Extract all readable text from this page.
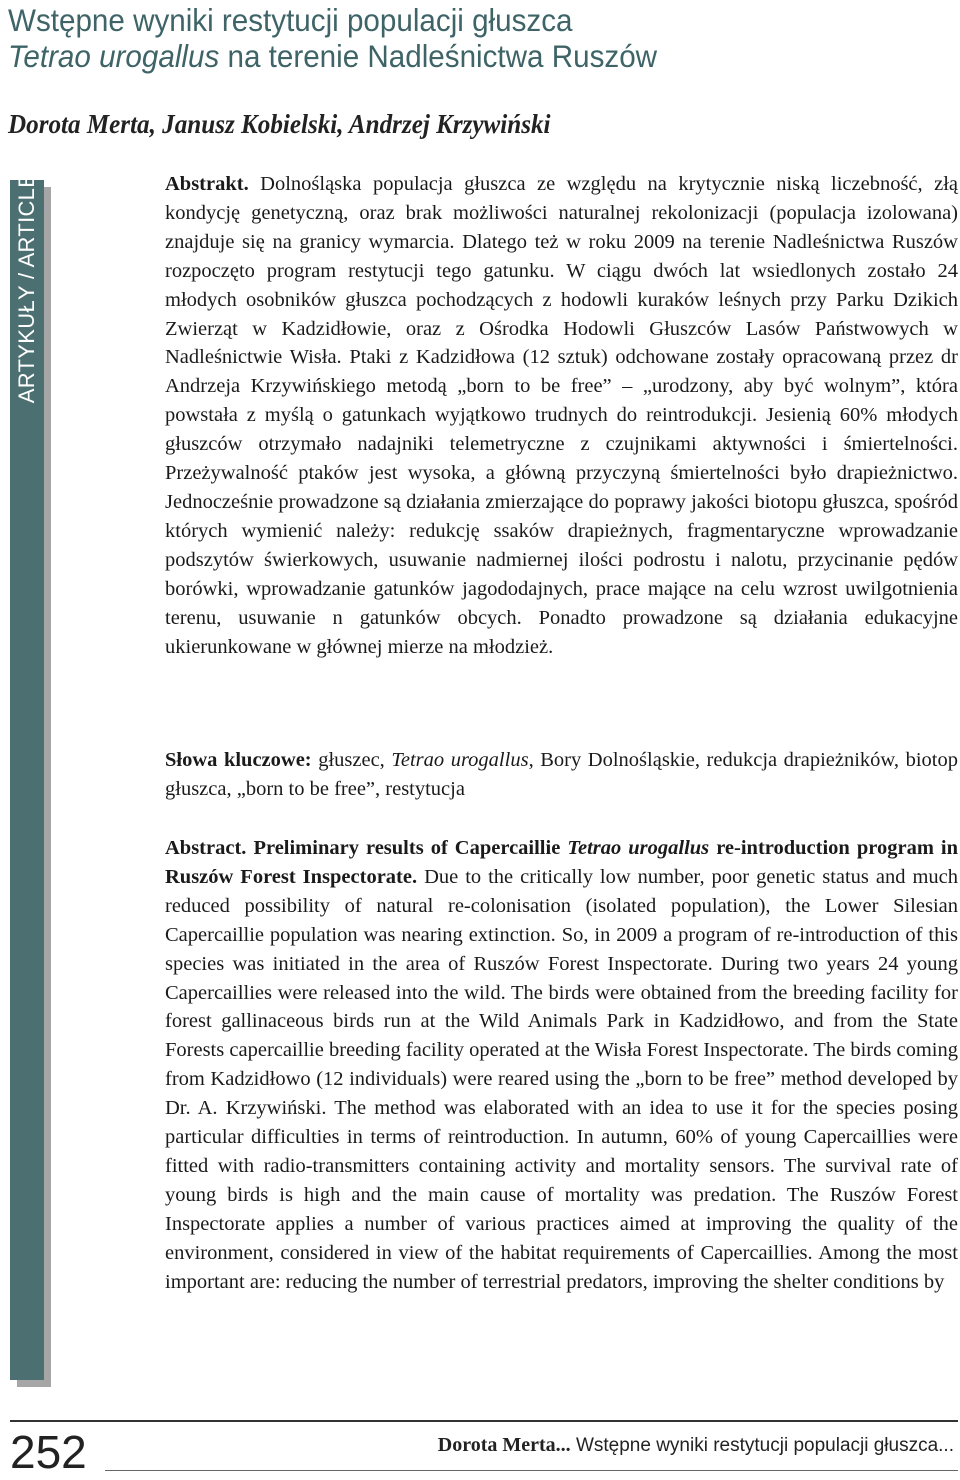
Wstępne wyniki restytucji populacji głuszca
Tetrao urogallus na terenie Nadleśnictwa Ruszów
Dorota Merta, Janusz Kobielski, Andrzej Krzywiński
ARTYKUŁY / ARTICLE	Abstrakt. Dolnośląska populacja głuszca ze względu na krytycznie niską liczebność, złą kondycję genetyczną, oraz brak możliwości naturalnej rekolonizacji (populacja izolowana) znajduje się na granicy wymarcia. Dlatego też w roku 2009 na terenie Nadleśnictwa Ruszów rozpoczęto program restytucji tego gatunku. W ciągu dwóch lat wsiedlonych zostało 24 młodych osobników głuszca pochodzących z hodowli kuraków leśnych przy Parku Dzikich Zwierząt w Kadzidłowie, oraz z Ośrodka Hodowli Głuszców Lasów Państwowych w Nadleśnictwie Wisła. Ptaki z Kadzidłowa (12 sztuk) odchowane zostały opracowaną przez dr Andrzeja Krzywińskiego metodą „born to be free” – „urodzony, aby być wolnym”, która powstała z myślą o gatunkach wyjątkowo trudnych do reintrodukcji. Jesienią 60% młodych głuszców otrzymało nadajniki telemetryczne z czujnikami aktywności i śmiertelności. Przeżywalność ptaków jest wysoka, a główną przyczyną śmiertelności było drapieżnictwo. Jednocześnie prowadzone są działania zmierzające do poprawy jakości biotopu głuszca, spośród których wymienić należy: redukcję ssaków drapieżnych, fragmentaryczne wprowadzanie podszytów świerkowych, usuwanie nadmiernej ilości podrostu i nalotu, przycinanie pędów borówki, wprowadzanie gatunków jagododajnych, prace mające na celu wzrost uwilgotnienia terenu, usuwanie n gatunków obcych. Ponadto prowadzone są działania edukacyjne ukierunkowane w głównej mierze na młodzież.

Słowa kluczowe: głuszec, Tetrao urogallus, Bory Dolnośląskie, redukcja drapieżników, biotop głuszca, „born to be free”, restytucja

Abstract. Preliminary results of Capercaillie Tetrao urogallus re-introduction program in Ruszów Forest Inspectorate. Due to the critically low number, poor genetic status and much reduced possibility of natural re-colonisation (isolated population), the Lower Silesian Capercaillie population was nearing extinction. So, in 2009 a program of re-introduction of this species was initiated in the area of Ruszów Forest Inspectorate. During two years 24 young Capercaillies were released into the wild. The birds were obtained from the breeding facility for forest gallinaceous birds run at the Wild Animals Park in Kadzidłowo, and from the State Forests capercaillie breeding facility operated at the Wisła Forest Inspectorate. The birds coming from Kadzidłowo (12 individuals) were reared using the „born to be free” method developed by Dr. A. Krzywiński. The method was elaborated with an idea to use it for the species posing particular difficulties in terms of reintroduction. In autumn, 60% of young Capercaillies were fitted with radio-transmitters containing activity and mortality sensors. The survival rate of young birds is high and the main cause of mortality was predation. The Ruszów Forest Inspectorate applies a number of various practices aimed at improving the quality of the environment, considered in view of the habitat requirements of Capercaillies. Among the most important are: reducing the number of terrestrial predators, improving the shelter conditions by

252	Dorota Merta... Wstępne wyniki restytucji populacji głuszca...
